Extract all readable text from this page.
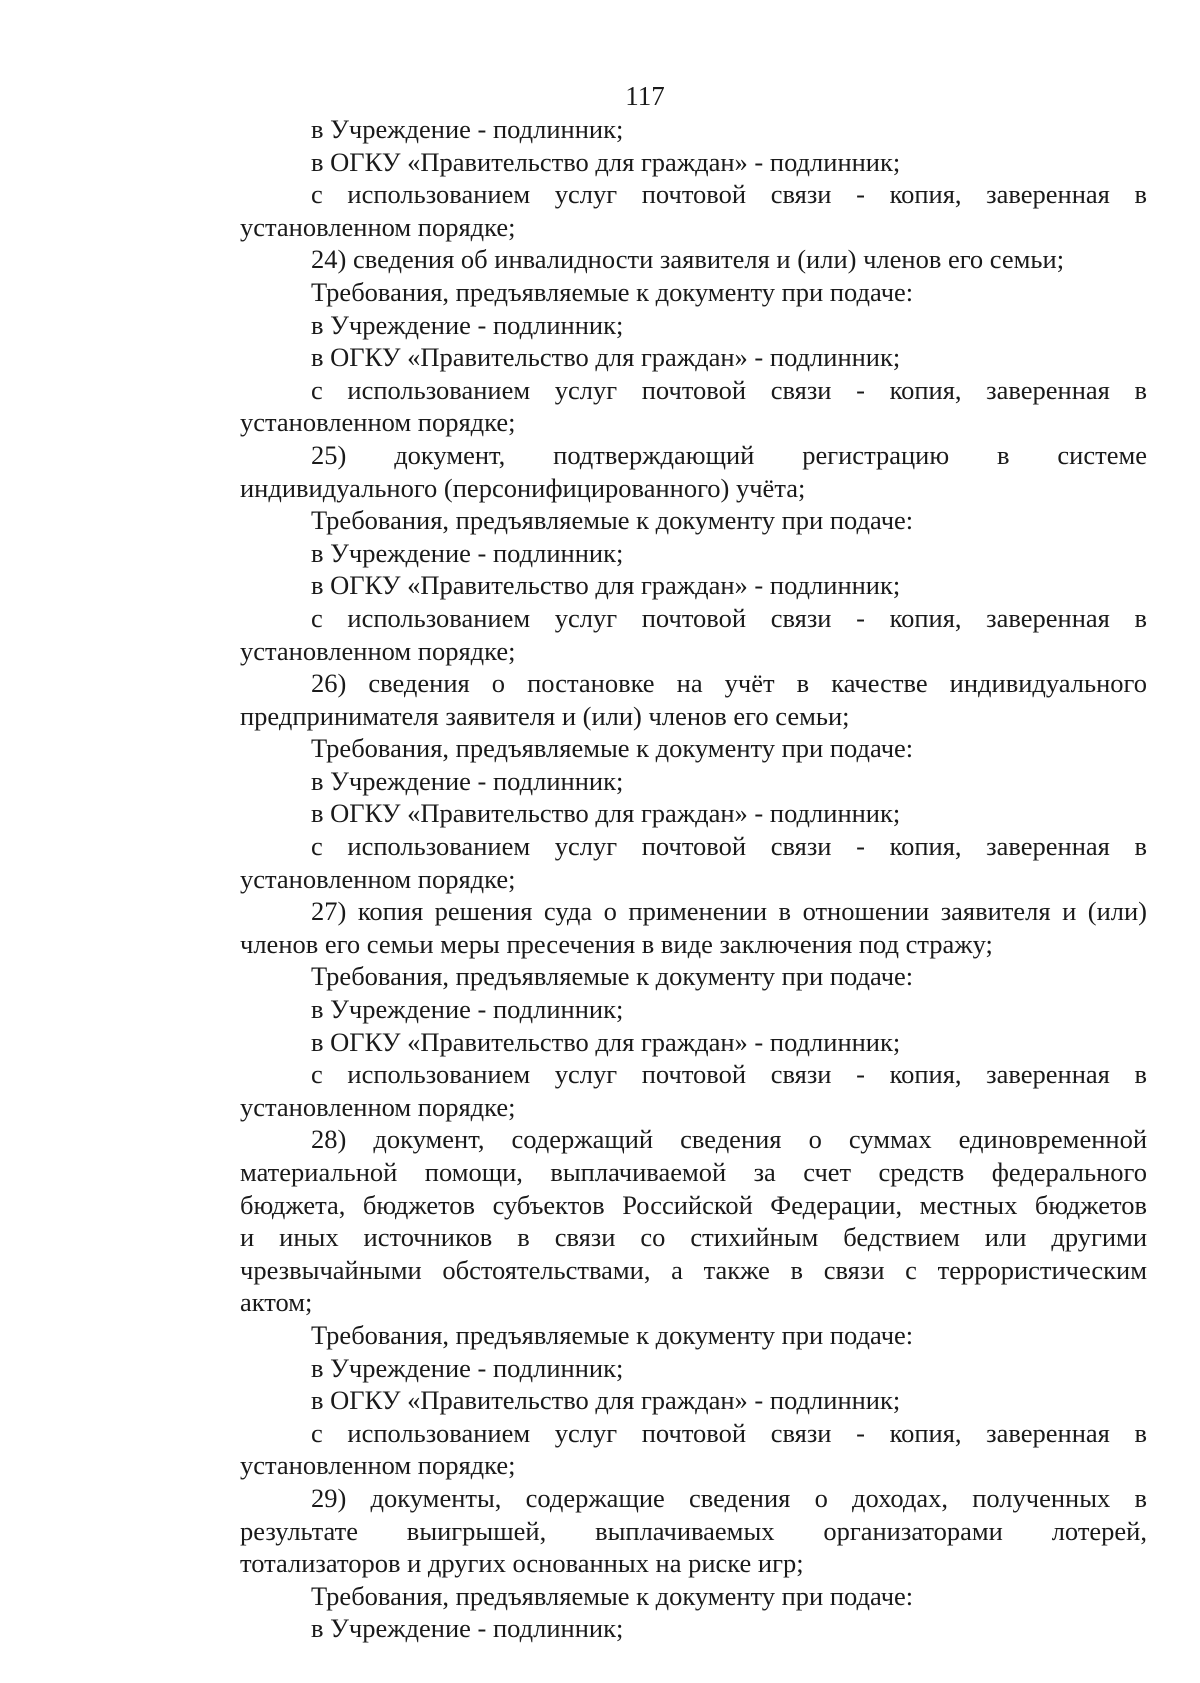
117
в Учреждение - подлинник;
в ОГКУ «Правительство для граждан» - подлинник;
с использованием услуг почтовой связи - копия, заверенная в
установленном порядке;
24) сведения об инвалидности заявителя и (или) членов его семьи;
Требования, предъявляемые к документу при подаче:
в Учреждение - подлинник;
в ОГКУ «Правительство для граждан» - подлинник;
с использованием услуг почтовой связи - копия, заверенная в
установленном порядке;
25) документ, подтверждающий регистрацию в системе
индивидуального (персонифицированного) учёта;
Требования, предъявляемые к документу при подаче:
в Учреждение - подлинник;
в ОГКУ «Правительство для граждан» - подлинник;
с использованием услуг почтовой связи - копия, заверенная в
установленном порядке;
26) сведения о постановке на учёт в качестве индивидуального
предпринимателя заявителя и (или) членов его семьи;
Требования, предъявляемые к документу при подаче:
в Учреждение - подлинник;
в ОГКУ «Правительство для граждан» - подлинник;
с использованием услуг почтовой связи - копия, заверенная в
установленном порядке;
27) копия решения суда о применении в отношении заявителя и (или)
членов его семьи меры пресечения в виде заключения под стражу;
Требования, предъявляемые к документу при подаче:
в Учреждение - подлинник;
в ОГКУ «Правительство для граждан» - подлинник;
с использованием услуг почтовой связи - копия, заверенная в
установленном порядке;
28) документ, содержащий сведения о суммах единовременной
материальной помощи, выплачиваемой за счет средств федерального
бюджета, бюджетов субъектов Российской Федерации, местных бюджетов
и иных источников в связи со стихийным бедствием или другими
чрезвычайными обстоятельствами, а также в связи с террористическим
актом;
Требования, предъявляемые к документу при подаче:
в Учреждение - подлинник;
в ОГКУ «Правительство для граждан» - подлинник;
с использованием услуг почтовой связи - копия, заверенная в
установленном порядке;
29) документы, содержащие сведения о доходах, полученных в
результате выигрышей, выплачиваемых организаторами лотерей,
тотализаторов и других основанных на риске игр;
Требования, предъявляемые к документу при подаче:
в Учреждение - подлинник;
